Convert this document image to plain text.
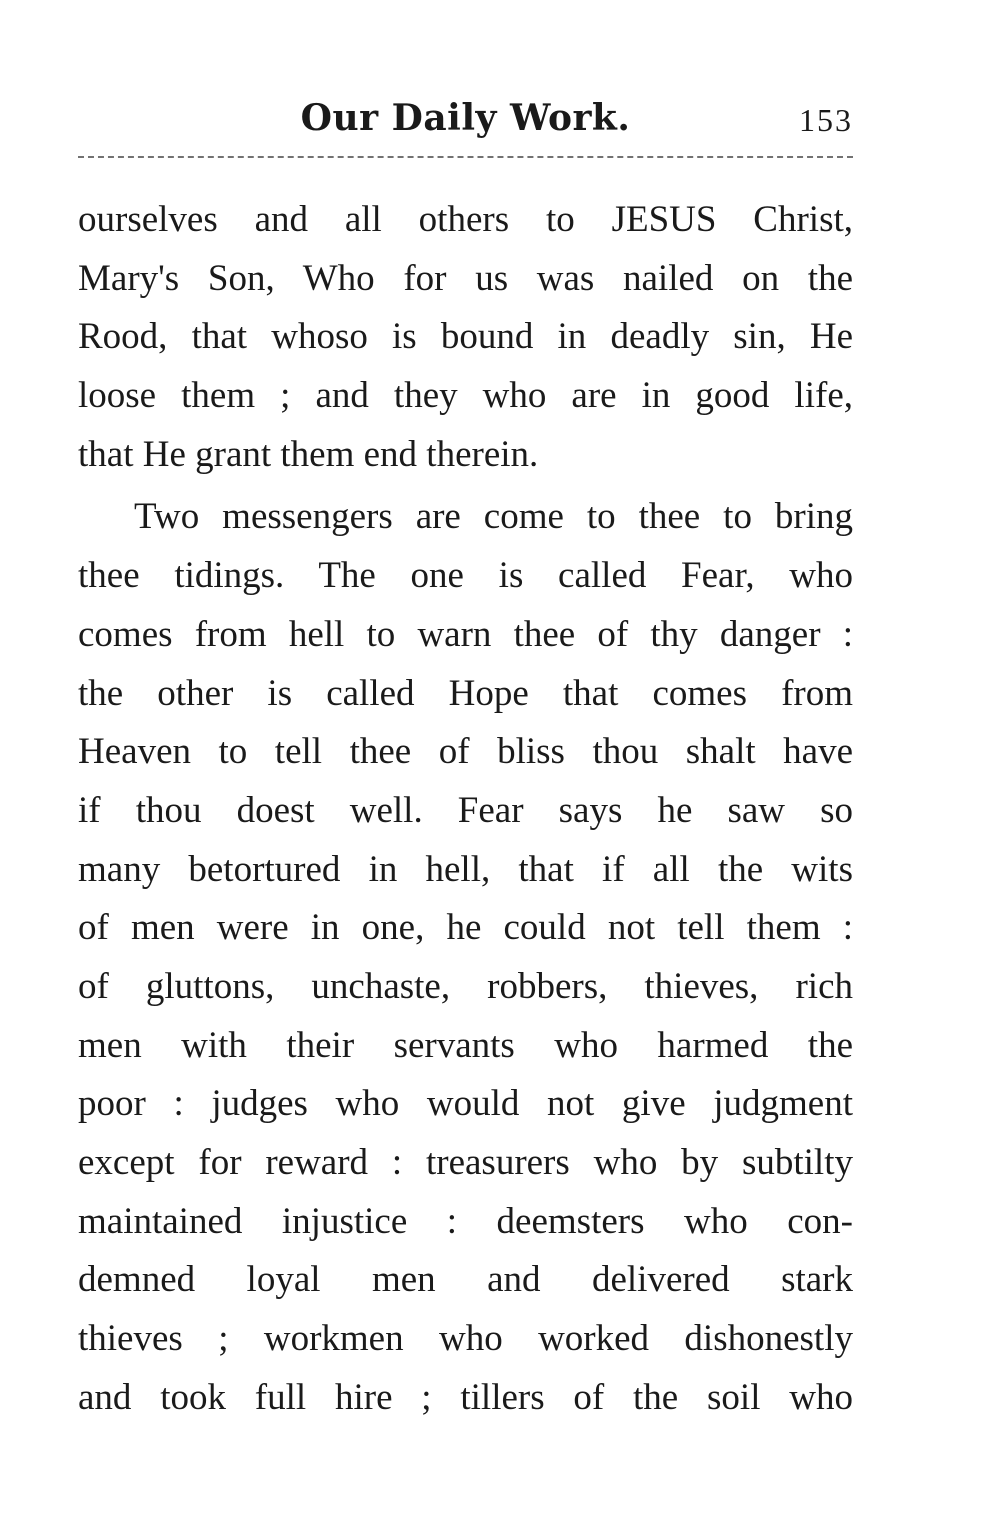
Our Daily Work.	153
ourselves and all others to JESUS Christ,
Mary's Son, Who for us was nailed on the
Rood, that whoso is bound in deadly sin, He
loose them ; and they who are in good life,
that He grant them end therein.
Two messengers are come to thee to bring
thee tidings. The one is called Fear, who
comes from hell to warn thee of thy danger :
the other is called Hope that comes from
Heaven to tell thee of bliss thou shalt have
if thou doest well. Fear says he saw so
many betortured in hell, that if all the wits
of men were in one, he could not tell them :
of gluttons, unchaste, robbers, thieves, rich
men with their servants who harmed the
poor : judges who would not give judgment
except for reward : treasurers who by subtilty
maintained injustice : deemsters who con-
demned loyal men and delivered stark
thieves ; workmen who worked dishonestly
and took full hire ; tillers of the soil who
